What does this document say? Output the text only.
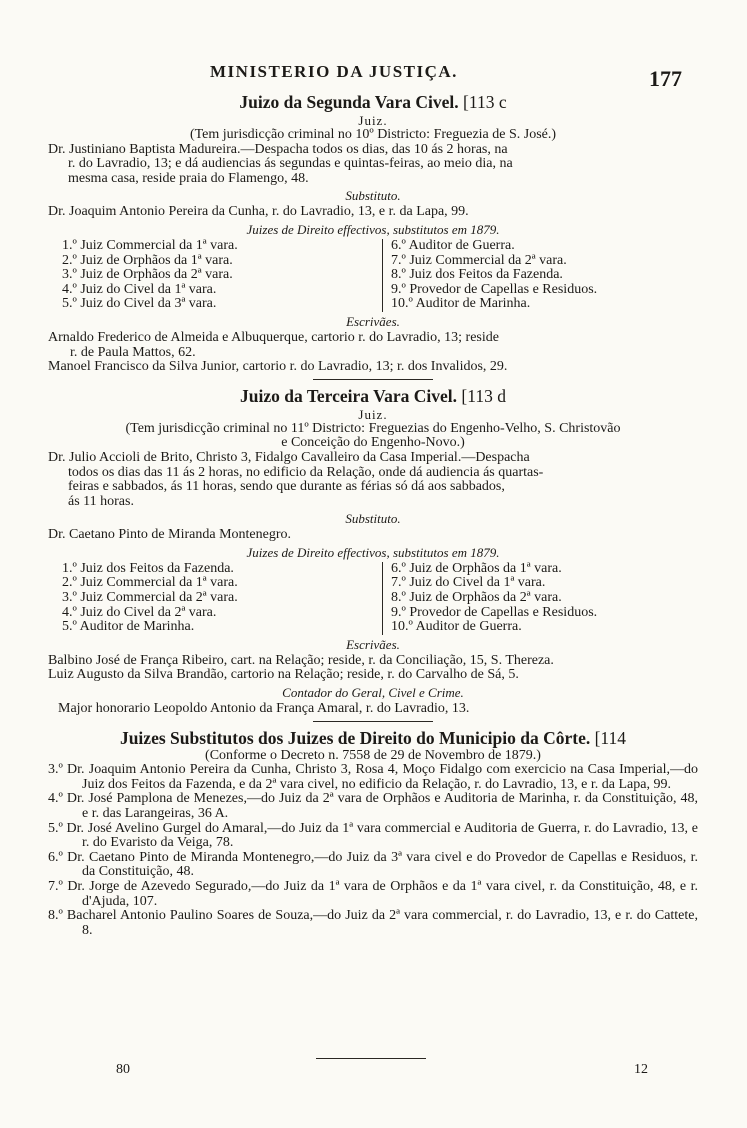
MINISTERIO DA JUSTIÇA.	177
Juizo da Segunda Vara Civel. [113 c
Juiz.
(Tem jurisdicção criminal no 10º Districto: Freguezia de S. José.)
Dr. Justiniano Baptista Madureira.—Despacha todos os dias, das 10 ás 2 horas, na
r. do Lavradio, 13; e dá audiencias ás segundas e quintas-feiras, ao meio dia, na
mesma casa, reside praia do Flamengo, 48.
Substituto.
Dr. Joaquim Antonio Pereira da Cunha, r. do Lavradio, 13, e r. da Lapa, 99.
Juizes de Direito effectivos, substitutos em 1879.
1.º Juiz Commercial da 1ª vara.
2.º Juiz de Orphãos da 1ª vara.
3.º Juiz de Orphãos da 2ª vara.
4.º Juiz do Civel da 1ª vara.
5.º Juiz do Civel da 3ª vara.
6.º Auditor de Guerra.
7.º Juiz Commercial da 2ª vara.
8.º Juiz dos Feitos da Fazenda.
9.º Provedor de Capellas e Residuos.
10.º Auditor de Marinha.
Escrivães.
Arnaldo Frederico de Almeida e Albuquerque, cartorio r. do Lavradio, 13; reside
r. de Paula Mattos, 62.
Manoel Francisco da Silva Junior, cartorio r. do Lavradio, 13; r. dos Invalidos, 29.
Juizo da Terceira Vara Civel. [113 d
Juiz.
(Tem jurisdicção criminal no 11º Districto: Freguezias do Engenho-Velho, S. Christovão
e Conceição do Engenho-Novo.)
Dr. Julio Accioli de Brito, Christo 3, Fidalgo Cavalleiro da Casa Imperial.—Despacha
todos os dias das 11 ás 2 horas, no edificio da Relação, onde dá audiencia ás quartas-
feiras e sabbados, ás 11 horas, sendo que durante as férias só dá aos sabbados,
ás 11 horas.
Substituto.
Dr. Caetano Pinto de Miranda Montenegro.
Juizes de Direito effectivos, substitutos em 1879.
1.º Juiz dos Feitos da Fazenda.
2.º Juiz Commercial da 1ª vara.
3.º Juiz Commercial da 2ª vara.
4.º Juiz do Civel da 2ª vara.
5.º Auditor de Marinha.
6.º Juiz de Orphãos da 1ª vara.
7.º Juiz do Civel da 1ª vara.
8.º Juiz de Orphãos da 2ª vara.
9.º Provedor de Capellas e Residuos.
10.º Auditor de Guerra.
Escrivães.
Balbino José de França Ribeiro, cart. na Relação; reside, r. da Conciliação, 15, S. Thereza.
Luiz Augusto da Silva Brandão, cartorio na Relação; reside, r. do Carvalho de Sá, 5.
Contador do Geral, Civel e Crime.
Major honorario Leopoldo Antonio da França Amaral, r. do Lavradio, 13.
Juizes Substitutos dos Juizes de Direito do Municipio da Côrte. [114
(Conforme o Decreto n. 7558 de 29 de Novembro de 1879.)
3.º Dr. Joaquim Antonio Pereira da Cunha, Christo 3, Rosa 4, Moço Fidalgo com exercicio na Casa Imperial,—do Juiz dos Feitos da Fazenda, e da 2ª vara civel, no edificio da Relação, r. do Lavradio, 13, e r. da Lapa, 99.
4.º Dr. José Pamplona de Menezes,—do Juiz da 2ª vara de Orphãos e Auditoria de Marinha, r. da Constituição, 48, e r. das Larangeiras, 36 A.
5.º Dr. José Avelino Gurgel do Amaral,—do Juiz da 1ª vara commercial e Auditoria de Guerra, r. do Lavradio, 13, e r. do Evaristo da Veiga, 78.
6.º Dr. Caetano Pinto de Miranda Montenegro,—do Juiz da 3ª vara civel e do Provedor de Capellas e Residuos, r. da Constituição, 48.
7.º Dr. Jorge de Azevedo Segurado,—do Juiz da 1ª vara de Orphãos e da 1ª vara civel, r. da Constituição, 48, e r. d'Ajuda, 107.
8.º Bacharel Antonio Paulino Soares de Souza,—do Juiz da 2ª vara commercial, r. do Lavradio, 13, e r. do Cattete, 8.
80	12
